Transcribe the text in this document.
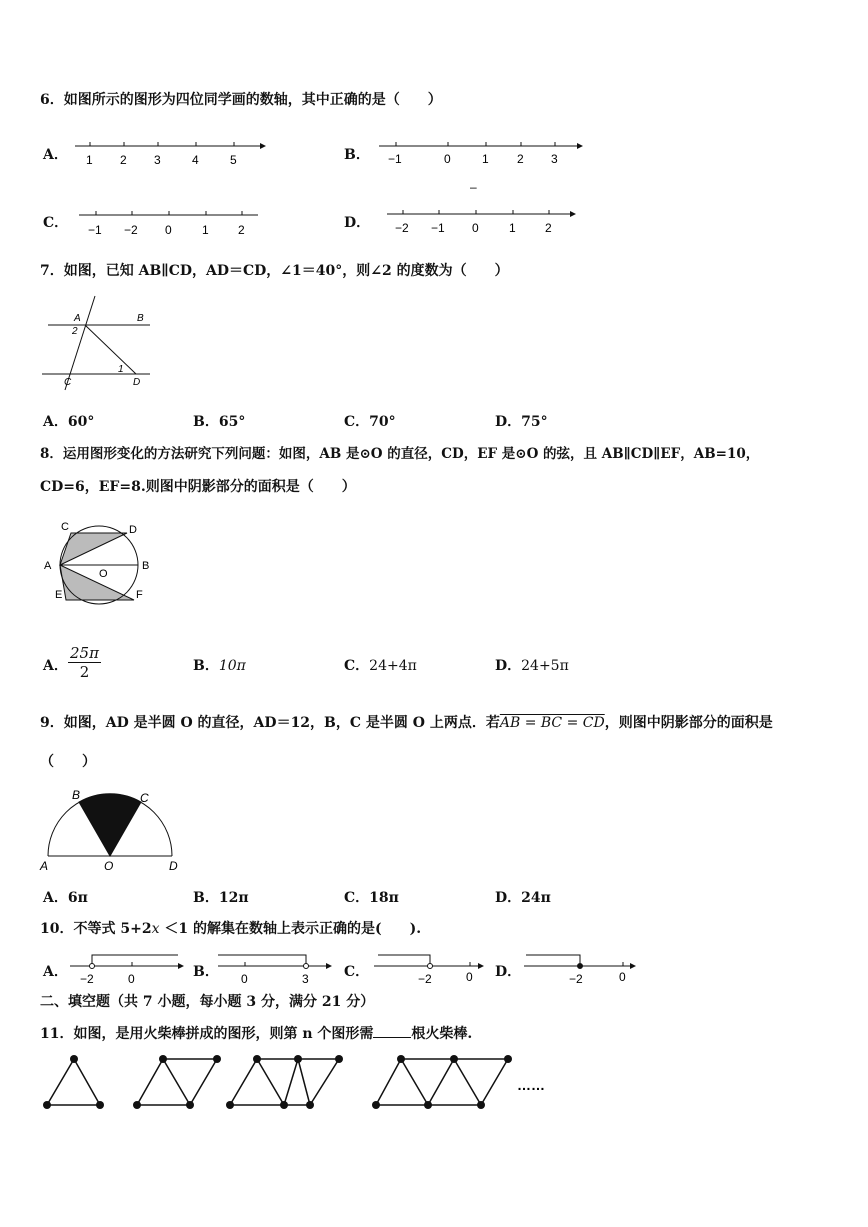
6．如图所示的图形为四位同学画的数轴，其中正确的是（　　）
A． 1 2 3	4	5	B． −1	0	1 2 3
–
C． −1 −2 0	1 2	D． −2 −1 0	1 2
7．如图，已知 AB∥CD，AD＝CD，∠1＝40°，则∠2 的度数为（　　）
A	B
C	D
1
2
A．60°	B．65°	C．70°	D．75°
8．运用图形变化的方法研究下列问题：如图，AB 是⊙O 的直径，CD，EF 是⊙O 的弦，且 AB∥CD∥EF，AB=10，
CD=6，EF=8.则图中阴影部分的面积是（　　）
C	D
A	B
O
E	F
A． $\frac{25\pi}{2}$	B．10π	C．24+4π	D．24+5π
9．如图，AD 是半圆 O 的直径，AD＝12，B，C 是半圆 O 上两点．若AB = BC = CD，则图中阴影部分的面积是
（　　）
B	C
A	O	D
A．6π	B．12π	C．18π	D．24π
10．不等式 5+2x ＜1 的解集在数轴上表示正确的是(　　).
A． −2	0	B． 0	3	C．	−2	0 D．	−2	0
二、填空题（共 7 小题，每小题 3 分，满分 21 分）
11．如图，是用火柴棒拼成的图形，则第 n 个图形需	根火柴棒.
……
